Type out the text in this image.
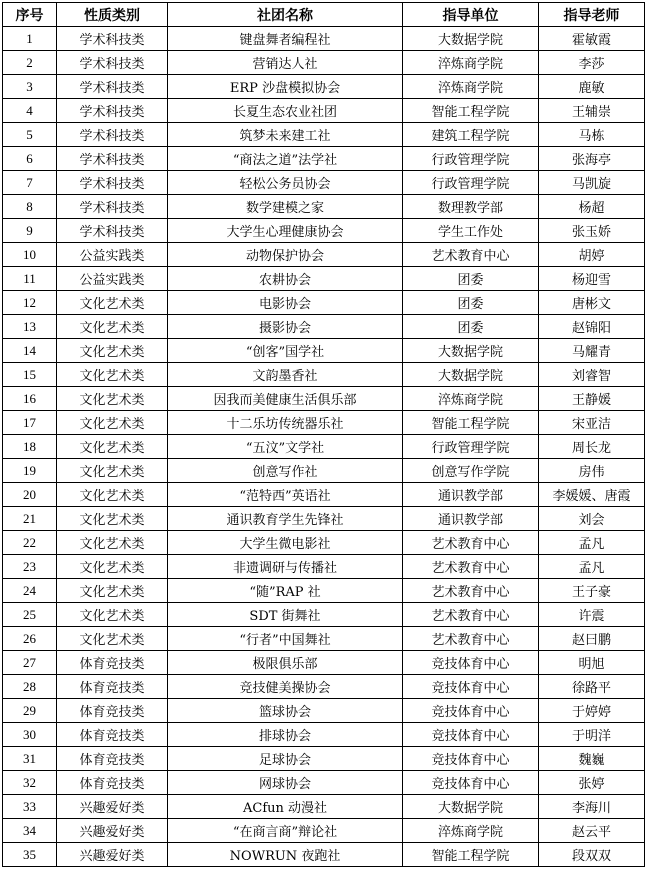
序号	性质类别	社团名称	指导单位	指导老师
1	学术科技类	键盘舞者编程社	大数据学院	霍敏霞
2	学术科技类	营销达人社	淬炼商学院	李莎
3	学术科技类	ERP 沙盘模拟协会	淬炼商学院	鹿敏
4	学术科技类	长夏生态农业社团	智能工程学院	王辅崇
5	学术科技类	筑梦未来建工社	建筑工程学院	马栋
6	学术科技类	“商法之道”法学社	行政管理学院	张海亭
7	学术科技类	轻松公务员协会	行政管理学院	马凯旋
8	学术科技类	数学建模之家	数理教学部	杨超
9	学术科技类	大学生心理健康协会	学生工作处	张玉娇
10	公益实践类	动物保护协会	艺术教育中心	胡婷
11	公益实践类	农耕协会	团委	杨迎雪
12	文化艺术类	电影协会	团委	唐彬文
13	文化艺术类	摄影协会	团委	赵锦阳
14	文化艺术类	“创客”国学社	大数据学院	马耀青
15	文化艺术类	文韵墨香社	大数据学院	刘睿智
16	文化艺术类	因我而美健康生活俱乐部	淬炼商学院	王静媛
17	文化艺术类	十二乐坊传统器乐社	智能工程学院	宋亚洁
18	文化艺术类	“五汶”文学社	行政管理学院	周长龙
19	文化艺术类	创意写作社	创意写作学院	房伟
20	文化艺术类	“范特西”英语社	通识教学部	李媛媛、唐霞
21	文化艺术类	通识教育学生先锋社	通识教学部	刘会
22	文化艺术类	大学生微电影社	艺术教育中心	孟凡
23	文化艺术类	非遗调研与传播社	艺术教育中心	孟凡
24	文化艺术类	“随”RAP 社	艺术教育中心	王子豪
25	文化艺术类	SDT 街舞社	艺术教育中心	许震
26	文化艺术类	“行者”中国舞社	艺术教育中心	赵曰鹏
27	体育竞技类	极限俱乐部	竞技体育中心	明旭
28	体育竞技类	竞技健美操协会	竞技体育中心	徐路平
29	体育竞技类	篮球协会	竞技体育中心	于婷婷
30	体育竞技类	排球协会	竞技体育中心	于明洋
31	体育竞技类	足球协会	竞技体育中心	魏巍
32	体育竞技类	网球协会	竞技体育中心	张婷
33	兴趣爱好类	ACfun 动漫社	大数据学院	李海川
34	兴趣爱好类	“在商言商”辩论社	淬炼商学院	赵云平
35	兴趣爱好类	NOWRUN 夜跑社	智能工程学院	段双双
